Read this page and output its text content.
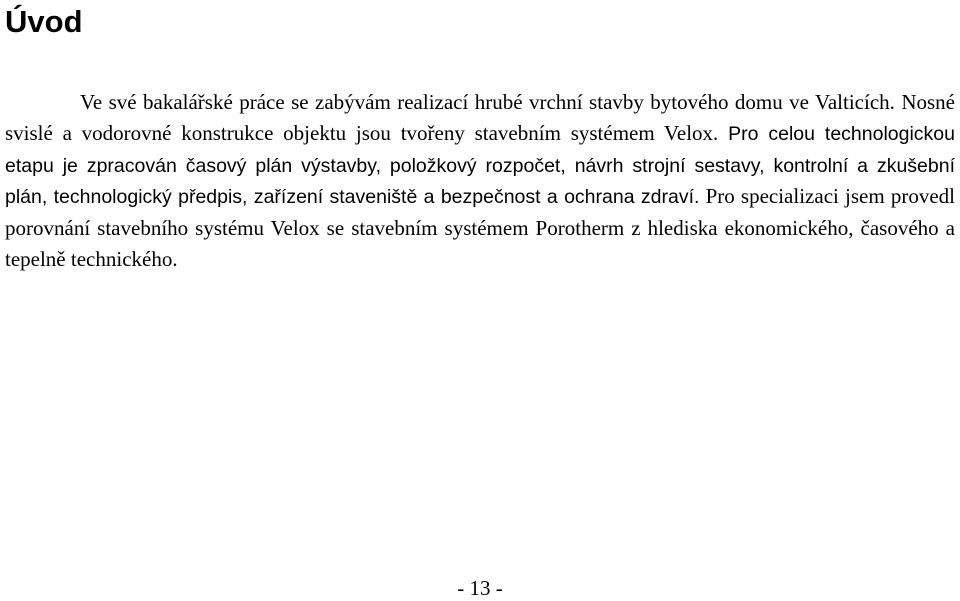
Úvod

Ve své bakalářské práce se zabývám realizací hrubé vrchní stavby bytového domu ve Valticích. Nosné svislé a vodorovné konstrukce objektu jsou tvořeny stavebním systémem Velox. Pro celou technologickou etapu je zpracován časový plán výstavby, položkový rozpočet, návrh strojní sestavy, kontrolní a zkušební plán, technologický předpis, zařízení staveniště a bezpečnost a ochrana zdraví. Pro specializaci jsem provedl porovnání stavebního systému Velox se stavebním systémem Porotherm z hlediska ekonomického, časového a tepelně technického.

- 13 -
